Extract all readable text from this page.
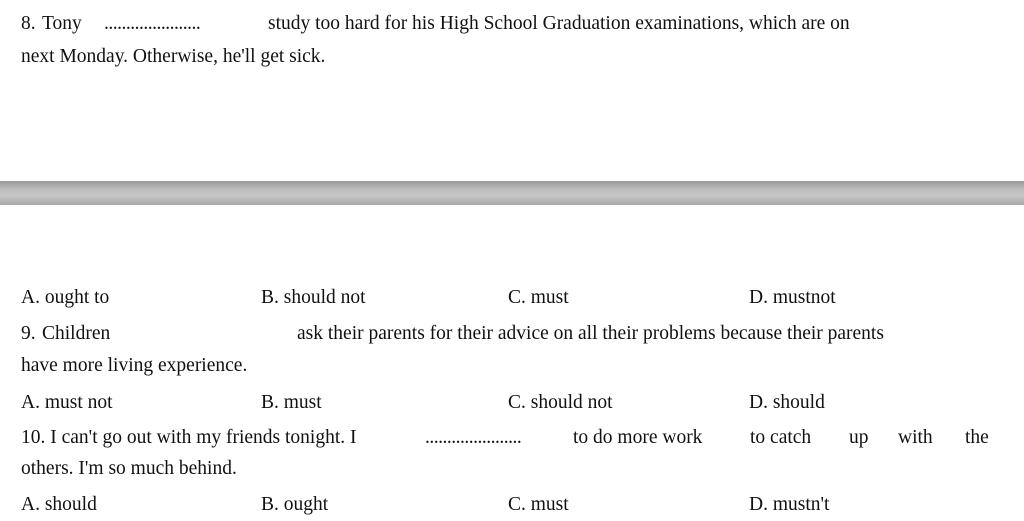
8. Tony ......................	study too hard for his High School Graduation examinations, which are on
next Monday. Otherwise, he'll get sick.
A. ought to	B. should not	C. must	D. mustnot
9. Children	ask their parents for their advice on all their problems because their parents
have more living experience.
A. must not	B. must	C. should not	D. should
10. I can't go out with my friends tonight. I	......................	to do more work to catch up with the
others. I'm so much behind.
A. should	B. ought	C. must	D. mustn't
